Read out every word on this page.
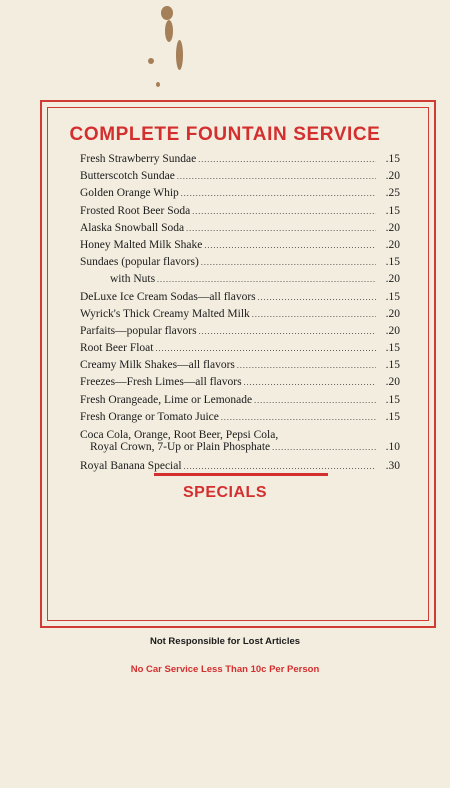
COMPLETE FOUNTAIN SERVICE
Fresh Strawberry Sundae .....	.15
Butterscotch Sundae .....	.20
Golden Orange Whip .....	.25
Frosted Root Beer Soda .....	.15
Alaska Snowball Soda .....	.20
Honey Malted Milk Shake .....	.20
Sundaes (popular flavors) .....	.15
with Nuts .....	.20
DeLuxe Ice Cream Sodas—all flavors .....	.15
Wyrick's Thick Creamy Malted Milk .....	.20
Parfaits—popular flavors .....	.20
Root Beer Float .....	.15
Creamy Milk Shakes—all flavors .....	.15
Freezes—Fresh Limes—all flavors .....	.20
Fresh Orangeade, Lime or Lemonade .....	.15
Fresh Orange or Tomato Juice .....	.15
Coca Cola, Orange, Root Beer, Pepsi Cola,
Royal Crown, 7-Up or Plain Phosphate .....	.10
Royal Banana Special .....	.30
SPECIALS
Not Responsible for Lost Articles
No Car Service Less Than 10c Per Person
